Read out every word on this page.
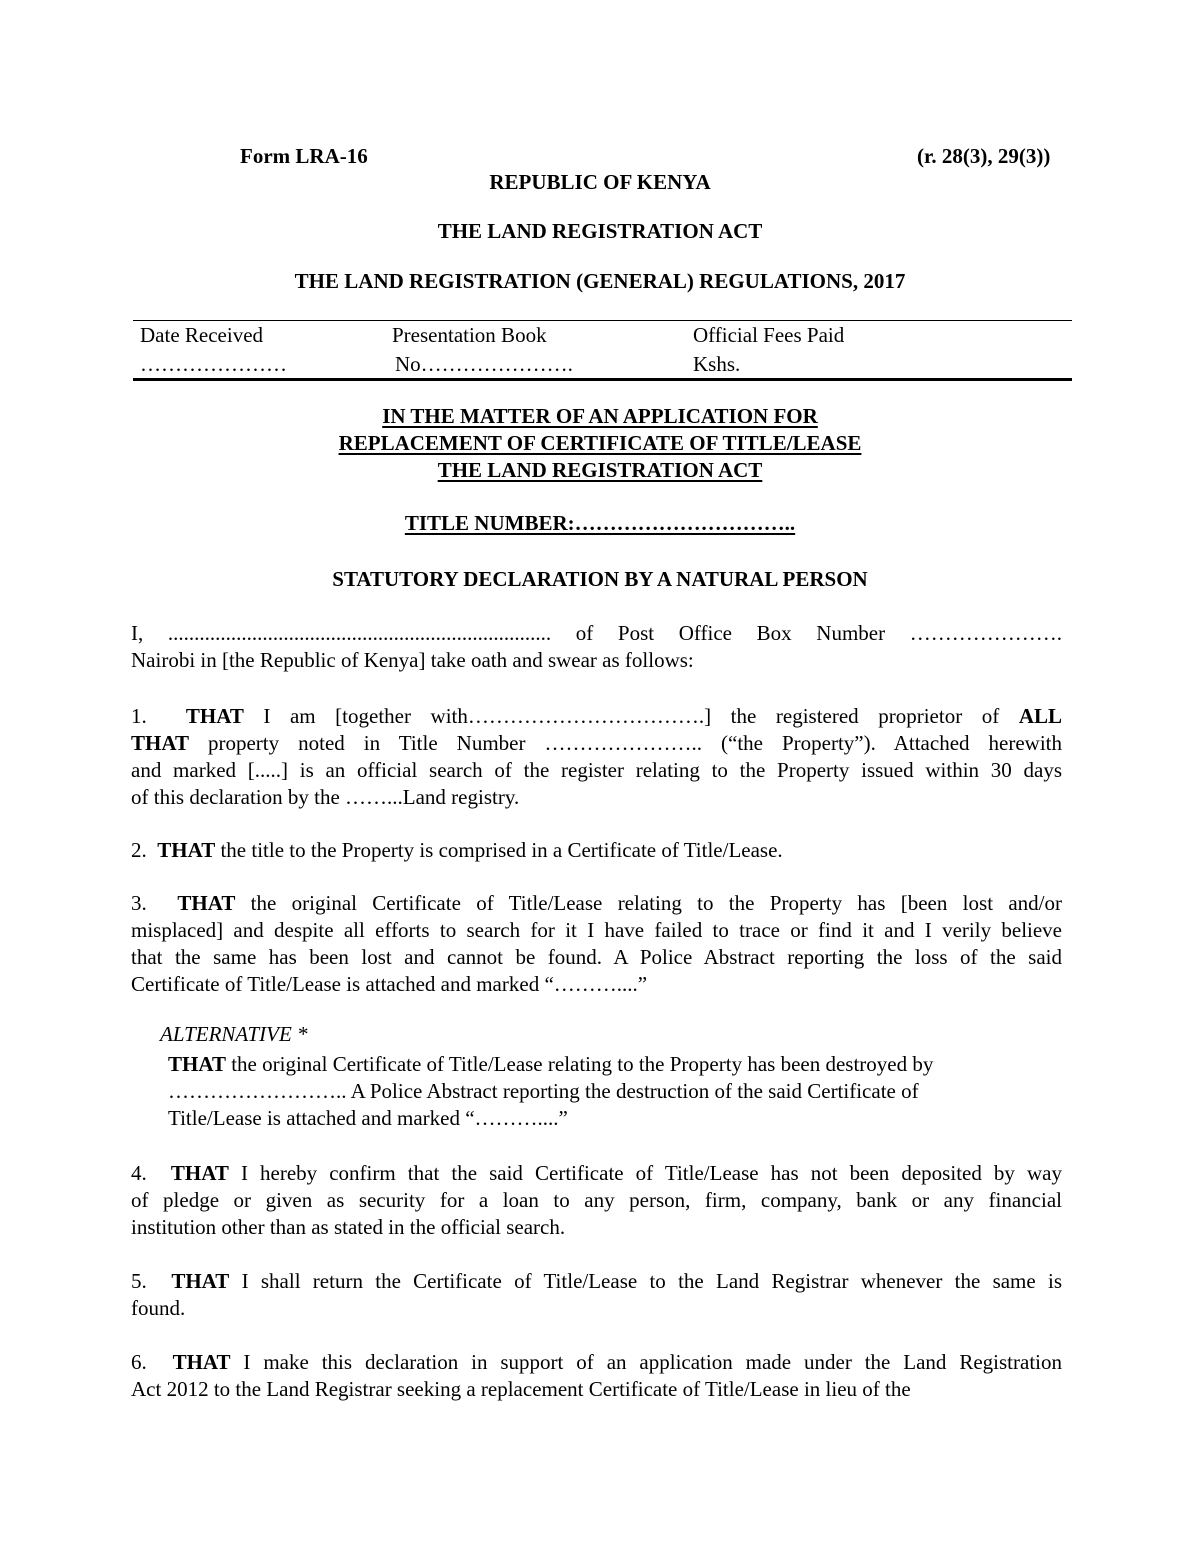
Form LRA-16	(r. 28(3), 29(3))
REPUBLIC OF KENYA
THE LAND REGISTRATION ACT
THE LAND REGISTRATION (GENERAL) REGULATIONS, 2017
Date Received
…………………
Presentation Book
No………………….
Official Fees Paid
Kshs.
IN THE MATTER OF AN APPLICATION FOR
REPLACEMENT OF CERTIFICATE OF TITLE/LEASE
THE LAND REGISTRATION ACT
TITLE NUMBER:…………………………..
STATUTORY DECLARATION BY A NATURAL PERSON
I, ......................................................................... of Post Office Box Number ………………….
Nairobi in [the Republic of Kenya] take oath and swear as follows:
1. THAT I am [together with…………………………….] the registered proprietor of ALL
THAT property noted in Title Number ………………….. (“the Property”). Attached herewith
and marked [.....] is an official search of the register relating to the Property issued within 30 days
of this declaration by the ……...Land registry.
2. THAT the title to the Property is comprised in a Certificate of Title/Lease.
3. THAT the original Certificate of Title/Lease relating to the Property has [been lost and/or
misplaced] and despite all efforts to search for it I have failed to trace or find it and I verily believe
that the same has been lost and cannot be found. A Police Abstract reporting the loss of the said
Certificate of Title/Lease is attached and marked “………....”
ALTERNATIVE *
THAT the original Certificate of Title/Lease relating to the Property has been destroyed by
…………………….. A Police Abstract reporting the destruction of the said Certificate of
Title/Lease is attached and marked “………....”
4. THAT I hereby confirm that the said Certificate of Title/Lease has not been deposited by way
of pledge or given as security for a loan to any person, firm, company, bank or any financial
institution other than as stated in the official search.
5. THAT I shall return the Certificate of Title/Lease to the Land Registrar whenever the same is
found.
6. THAT I make this declaration in support of an application made under the Land Registration
Act 2012 to the Land Registrar seeking a replacement Certificate of Title/Lease in lieu of the
